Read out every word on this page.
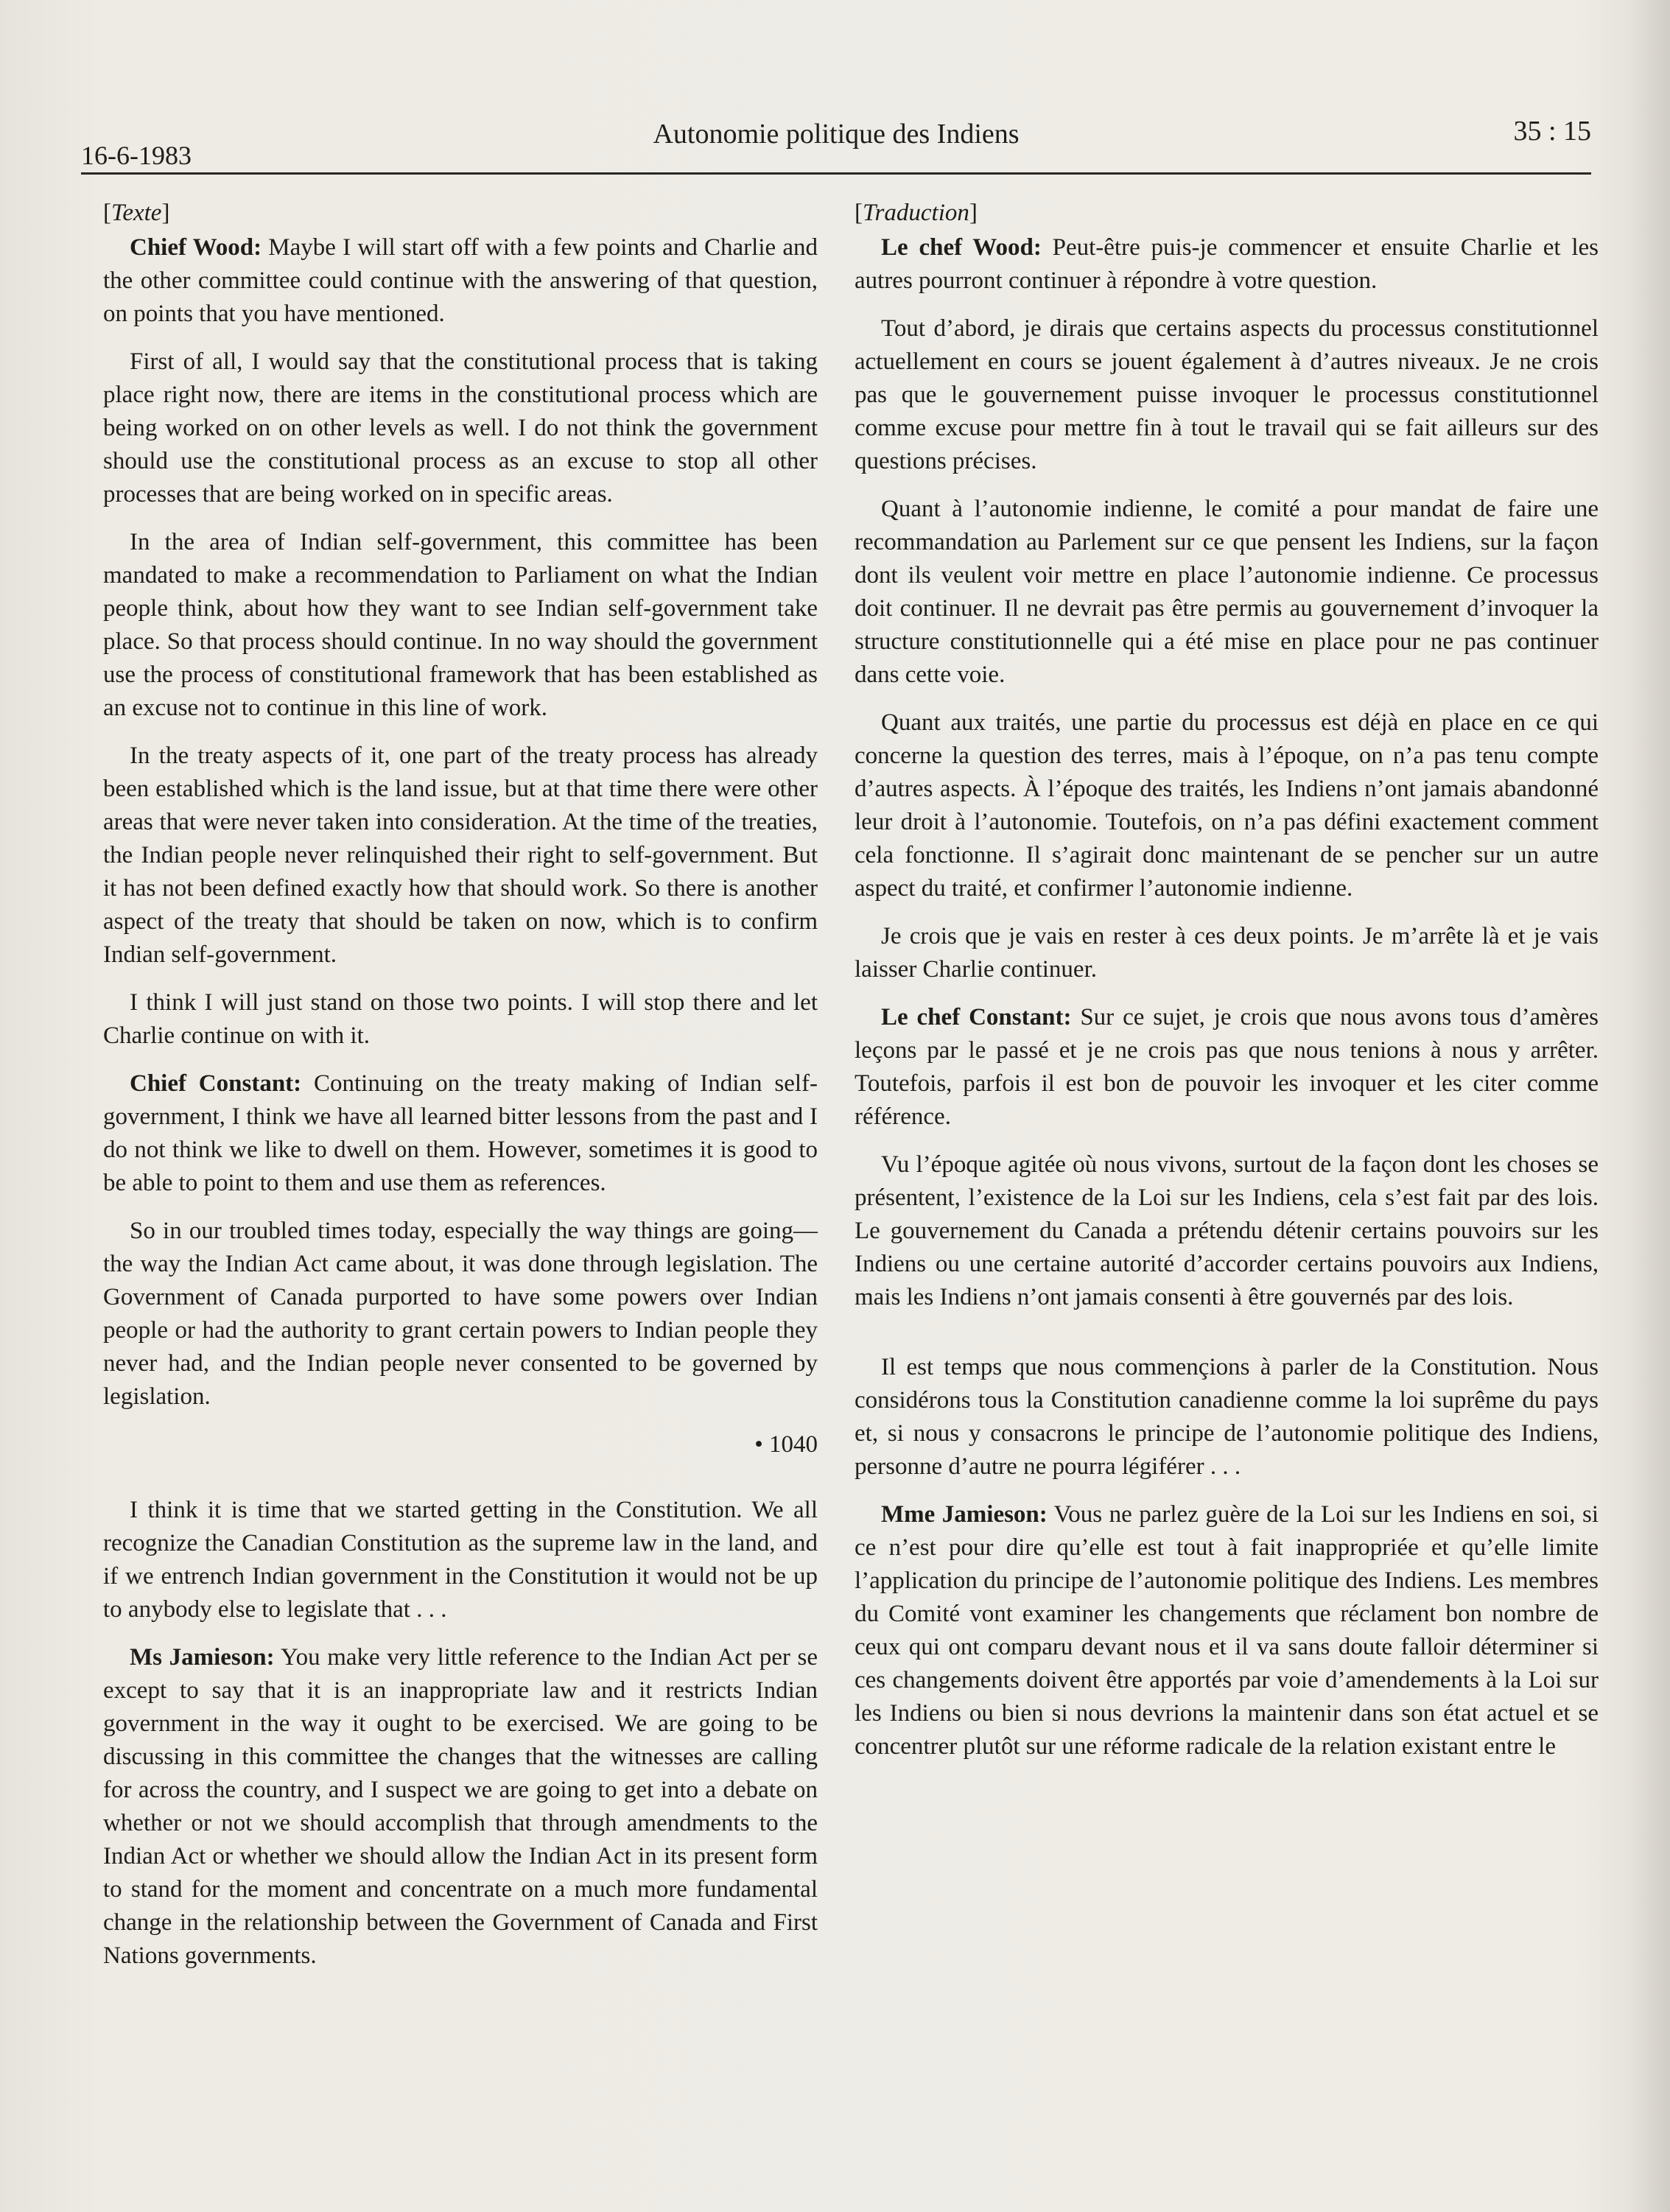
16-6-1983
Autonomie politique des Indiens	35 : 15
[Texte]

Chief Wood: Maybe I will start off with a few points and Charlie and the other committee could continue with the answering of that question, on points that you have mentioned.

First of all, I would say that the constitutional process that is taking place right now, there are items in the constitutional process which are being worked on on other levels as well. I do not think the government should use the constitutional process as an excuse to stop all other processes that are being worked on in specific areas.

In the area of Indian self-government, this committee has been mandated to make a recommendation to Parliament on what the Indian people think, about how they want to see Indian self-government take place. So that process should continue. In no way should the government use the process of constitutional framework that has been established as an excuse not to continue in this line of work.

In the treaty aspects of it, one part of the treaty process has already been established which is the land issue, but at that time there were other areas that were never taken into consideration. At the time of the treaties, the Indian people never relinquished their right to self-government. But it has not been defined exactly how that should work. So there is another aspect of the treaty that should be taken on now, which is to confirm Indian self-government.

I think I will just stand on those two points. I will stop there and let Charlie continue on with it.

Chief Constant: Continuing on the treaty making of Indian self-government, I think we have all learned bitter lessons from the past and I do not think we like to dwell on them. However, sometimes it is good to be able to point to them and use them as references.

So in our troubled times today, especially the way things are going—the way the Indian Act came about, it was done through legislation. The Government of Canada purported to have some powers over Indian people or had the authority to grant certain powers to Indian people they never had, and the Indian people never consented to be governed by legislation.

• 1040

I think it is time that we started getting in the Constitution. We all recognize the Canadian Constitution as the supreme law in the land, and if we entrench Indian government in the Constitution it would not be up to anybody else to legislate that . . .

Ms Jamieson: You make very little reference to the Indian Act per se except to say that it is an inappropriate law and it restricts Indian government in the way it ought to be exercised. We are going to be discussing in this committee the changes that the witnesses are calling for across the country, and I suspect we are going to get into a debate on whether or not we should accomplish that through amendments to the Indian Act or whether we should allow the Indian Act in its present form to stand for the moment and concentrate on a much more fundamental change in the relationship between the Government of Canada and First Nations governments.

[Traduction]

Le chef Wood: Peut-être puis-je commencer et ensuite Charlie et les autres pourront continuer à répondre à votre question.

Tout d’abord, je dirais que certains aspects du processus constitutionnel actuellement en cours se jouent également à d’autres niveaux. Je ne crois pas que le gouvernement puisse invoquer le processus constitutionnel comme excuse pour mettre fin à tout le travail qui se fait ailleurs sur des questions précises.

Quant à l’autonomie indienne, le comité a pour mandat de faire une recommandation au Parlement sur ce que pensent les Indiens, sur la façon dont ils veulent voir mettre en place l’autonomie indienne. Ce processus doit continuer. Il ne devrait pas être permis au gouvernement d’invoquer la structure constitutionnelle qui a été mise en place pour ne pas continuer dans cette voie.

Quant aux traités, une partie du processus est déjà en place en ce qui concerne la question des terres, mais à l’époque, on n’a pas tenu compte d’autres aspects. À l’époque des traités, les Indiens n’ont jamais abandonné leur droit à l’autonomie. Toutefois, on n’a pas défini exactement comment cela fonctionne. Il s’agirait donc maintenant de se pencher sur un autre aspect du traité, et confirmer l’autonomie indienne.

Je crois que je vais en rester à ces deux points. Je m’arrête là et je vais laisser Charlie continuer.

Le chef Constant: Sur ce sujet, je crois que nous avons tous d’amères leçons par le passé et je ne crois pas que nous tenions à nous y arrêter. Toutefois, parfois il est bon de pouvoir les invoquer et les citer comme référence.

Vu l’époque agitée où nous vivons, surtout de la façon dont les choses se présentent, l’existence de la Loi sur les Indiens, cela s’est fait par des lois. Le gouvernement du Canada a prétendu détenir certains pouvoirs sur les Indiens ou une certaine autorité d’accorder certains pouvoirs aux Indiens, mais les Indiens n’ont jamais consenti à être gouvernés par des lois.

Il est temps que nous commençions à parler de la Constitution. Nous considérons tous la Constitution canadienne comme la loi suprême du pays et, si nous y consacrons le principe de l’autonomie politique des Indiens, personne d’autre ne pourra légiférer . . .

Mme Jamieson: Vous ne parlez guère de la Loi sur les Indiens en soi, si ce n’est pour dire qu’elle est tout à fait inappropriée et qu’elle limite l’application du principe de l’autonomie politique des Indiens. Les membres du Comité vont examiner les changements que réclament bon nombre de ceux qui ont comparu devant nous et il va sans doute falloir déterminer si ces changements doivent être apportés par voie d’amendements à la Loi sur les Indiens ou bien si nous devrions la maintenir dans son état actuel et se concentrer plutôt sur une réforme radicale de la relation existant entre le
